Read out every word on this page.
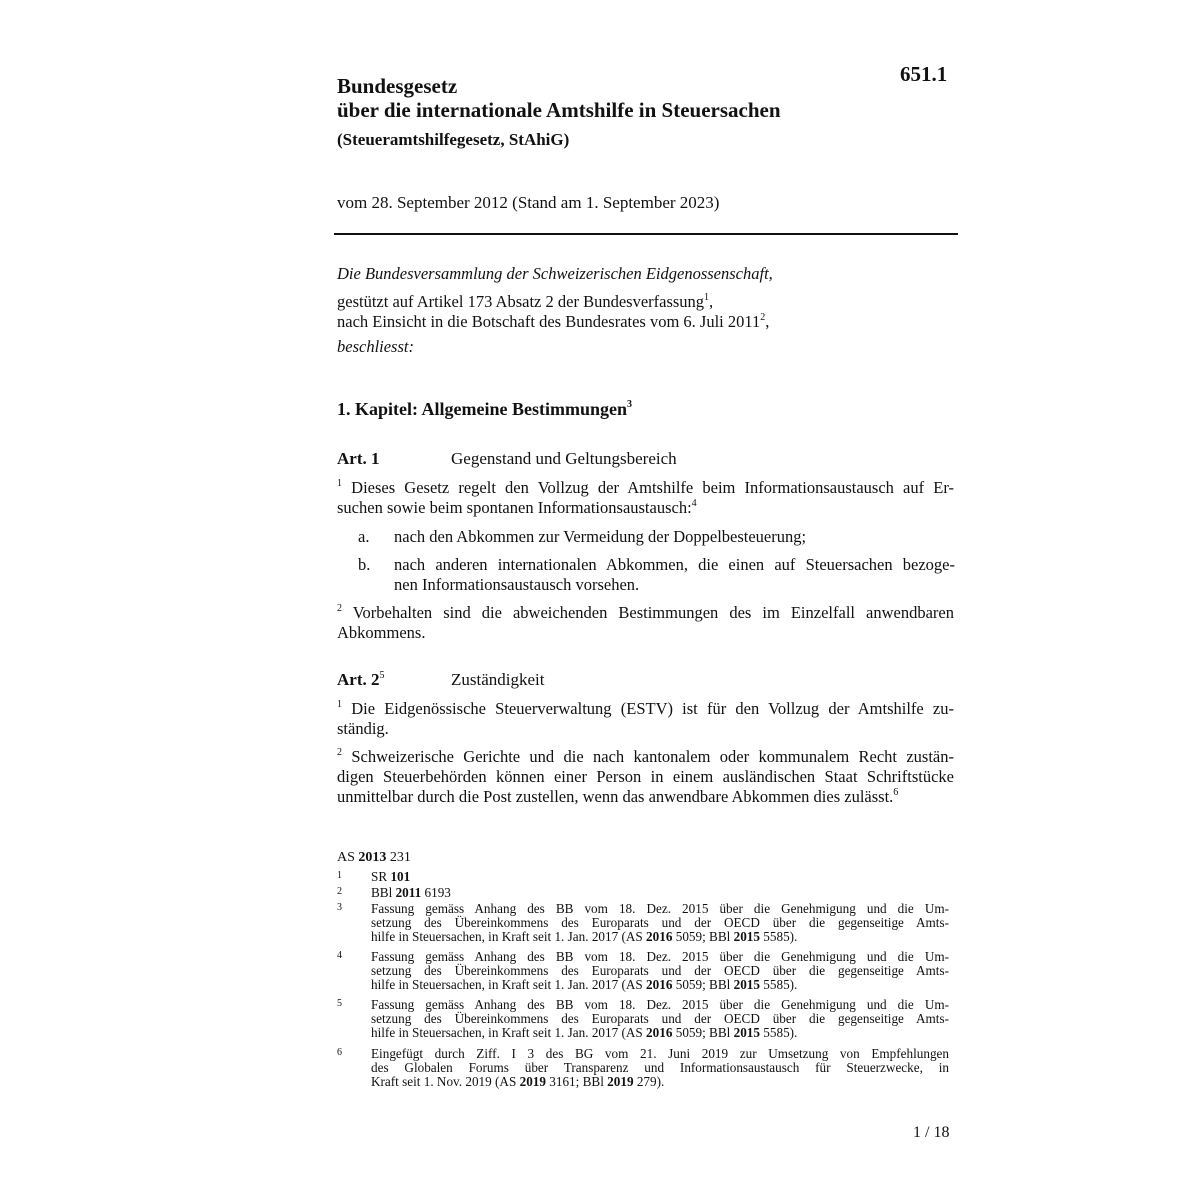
651.1
Bundesgesetz
über die internationale Amtshilfe in Steuersachen
(Steueramtshilfegesetz, StAhiG)
vom 28. September 2012 (Stand am 1. September 2023)
Die Bundesversammlung der Schweizerischen Eidgenossenschaft,
gestützt auf Artikel 173 Absatz 2 der Bundesverfassung$^1$,
nach Einsicht in die Botschaft des Bundesrates vom 6. Juli 2011$^2$,
beschliesst:
1. Kapitel: Allgemeine Bestimmungen$^3$
Art. 1	Gegenstand und Geltungsbereich
$^1$ Dieses Gesetz regelt den Vollzug der Amtshilfe beim Informationsaustausch auf Er-
suchen sowie beim spontanen Informationsaustausch:$^4$
a.	nach den Abkommen zur Vermeidung der Doppelbesteuerung;
b.	nach anderen internationalen Abkommen, die einen auf Steuersachen bezoge-
nen Informationsaustausch vorsehen.
$^2$ Vorbehalten sind die abweichenden Bestimmungen des im Einzelfall anwendbaren
Abkommens.
Art. $2^5$	Zuständigkeit
$^1$ Die Eidgenössische Steuerverwaltung (ESTV) ist für den Vollzug der Amtshilfe zu-
ständig.
$^2$ Schweizerische Gerichte und die nach kantonalem oder kommunalem Recht zustän-
digen Steuerbehörden können einer Person in einem ausländischen Staat Schriftstücke
unmittelbar durch die Post zustellen, wenn das anwendbare Abkommen dies zulässt.$^6$
AS 2013 231
1 SR 101
2 BBl 2011 6193
3 Fassung gemäss Anhang des BB vom 18. Dez. 2015 über die Genehmigung und die Um-
setzung des Übereinkommens des Europarats und der OECD über die gegenseitige Amts-
hilfe in Steuersachen, in Kraft seit 1. Jan. 2017 (AS 2016 5059; BBl 2015 5585).
4 Fassung gemäss Anhang des BB vom 18. Dez. 2015 über die Genehmigung und die Um-
setzung des Übereinkommens des Europarats und der OECD über die gegenseitige Amts-
hilfe in Steuersachen, in Kraft seit 1. Jan. 2017 (AS 2016 5059; BBl 2015 5585).
5 Fassung gemäss Anhang des BB vom 18. Dez. 2015 über die Genehmigung und die Um-
setzung des Übereinkommens des Europarats und der OECD über die gegenseitige Amts-
hilfe in Steuersachen, in Kraft seit 1. Jan. 2017 (AS 2016 5059; BBl 2015 5585).
6 Eingefügt durch Ziff. I 3 des BG vom 21. Juni 2019 zur Umsetzung von Empfehlungen
des Globalen Forums über Transparenz und Informationsaustausch für Steuerzwecke, in
Kraft seit 1. Nov. 2019 (AS 2019 3161; BBl 2019 279).
1 / 18
